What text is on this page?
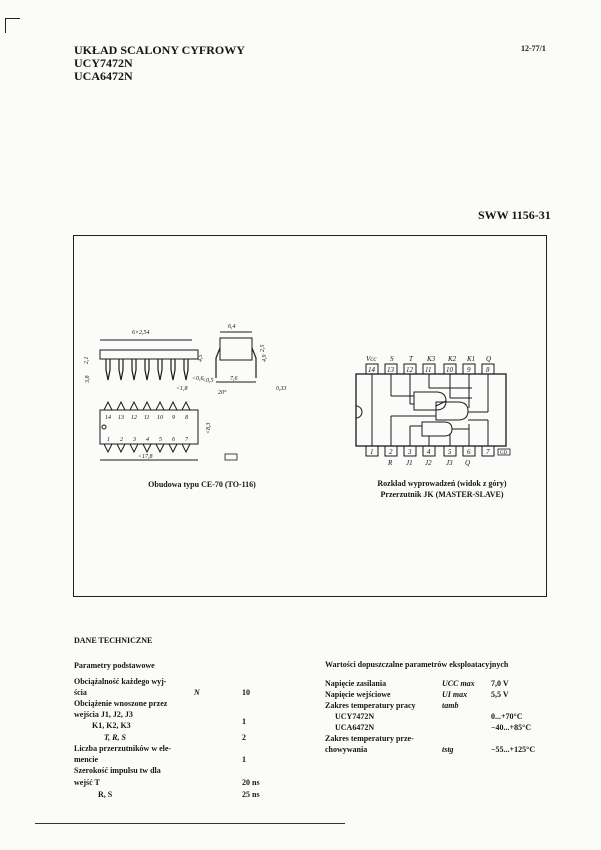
UKŁAD SCALONY CYFROWY
UCY7472N
UCA6472N
12-77/1
SWW 1156-31
6×2,54
2,1	4,5
3,8	<0,6
<1,8
<0,5
6,4
2,5
4,9
7,6
20°
0,33
14 13 12 11 10 9 8
1 2 3 4 5 6 7
<8,3
<17,8
Vcc S T K3 K2 K1 Q
14 13 12 11 10 9 8
1 2 3 4	5 6 7
R J1 J2 J3 Q
GD
Obudowa typu CE-70 (TO-116)	Rozkład wyprowadzeń (widok z góry)
Przerzutnik JK (MASTER-SLAVE)
DANE TECHNICZNE
Parametry podstawowe	Wartości dopuszczalne parametrów eksploatacyjnych
Obciążalność każdego wyj-
ścia	N	10
Obciążenie wnoszone przez
wejścia J1, J2, J3
K1, K2, K3	1
T, R, S	2
Liczba przerzutników w ele-
mencie	1
Szerokość impulsu tw dla
wejść T	20 ns
R, S	25 ns
Napięcie zasilania	UCC max 7,0 V
Napięcie wejściowe	UI max	5,5 V
Zakres temperatury pracy	tamb
UCY7472N	0...+70°C
UCA6472N	−40...+85°C
Zakres temperatury prze-
chowywania	tstg	−55...+125°C
